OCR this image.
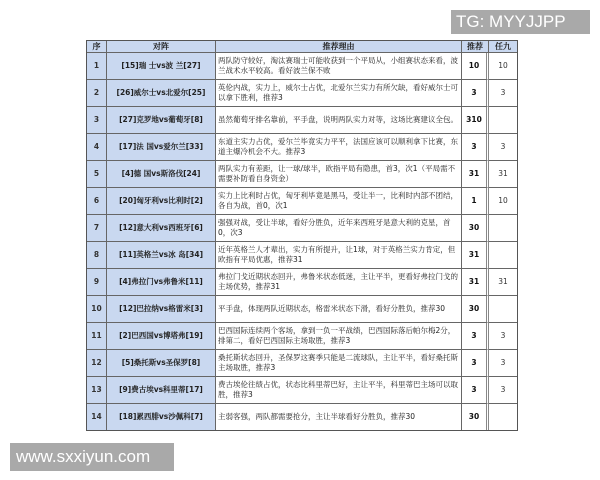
TG: MYYJJPP
序	对阵	推荐理由	推荐	任九
1	[15]瑞 士vs波 兰[27]	两队防守较好，淘汰赛瑞士可能收获到一个平局从，小组赛状态来看，波兰战术水平较高。看好波兰保不败	10	10
2	[26]威尔士vs北爱尔[25]	英伦内战，实力上，威尔士占优，北爱尔兰实力有所欠缺，看好威尔士可以拿下胜利，推荐3	3	3
3	[27]克罗地vs葡萄牙[8]	虽然葡萄牙排名靠前，平手盘，说明两队实力对等，这场比赛建议全包。	310	
4	[17]法 国vs爱尔兰[33]	东道主实力占优，爱尔兰毕竟实力平平，法国应该可以顺利拿下比赛，东道主爆冷机会不大。推荐3	3	3
5	[4]德 国vs斯洛伐[24]	两队实力有差距，让一球/球半，欧指平局有隐患，首3，次1（平局需不需要补防看自身资金）	31	31
6	[20]匈牙利vs比利时[2]	实力上比利时占优，匈牙利毕竟是黑马，受让半一，比利时内部不团结，各自为战，首0，次1	1	10
7	[12]意大利vs西班牙[6]	强强对战，受让半球，看好分胜负，近年来西班牙是意大利的克星，首0，次3	30	
8	[11]英格兰vs冰 岛[34]	近年英格兰人才辈出，实力有所提升，让1球，对于英格兰实力肯定，但欧指有平局优惠，推荐31	31	
9	[4]弗拉门vs弗鲁米[11]	弗拉门戈近期状态回升，弗鲁米状态低迷，主让平半，更看好弗拉门戈的主场优势，推荐31	31	31
10	[12]巴拉纳vs格雷米[3]	平手盘，体现两队近期状态，格雷米状态下滑，看好分胜负，推荐30	30	
11	[2]巴西国vs博塔弗[19]	巴西国际连续两个客场，拿到一负一平战绩，巴西国际落后帕尔梅2分，排第二，看好巴西国际主场取胜，推荐3	3	3
12	[5]桑托斯vs圣保罗[8]	桑托斯状态回升，圣保罗这赛季只能是二流球队，主让平半，看好桑托斯主场取胜，推荐3	3	3
13	[9]费古埃vs科里蒂[17]	费古埃伦往绩占优，状态比科里蒂巴好，主让平半，科里蒂巴主场可以取胜，推荐3	3	3
14	[18]累西腓vs沙佩科[7]	主弱客强，两队都需要抢分，主让半球看好分胜负，推荐30	30	
www.sxxiyun.com
